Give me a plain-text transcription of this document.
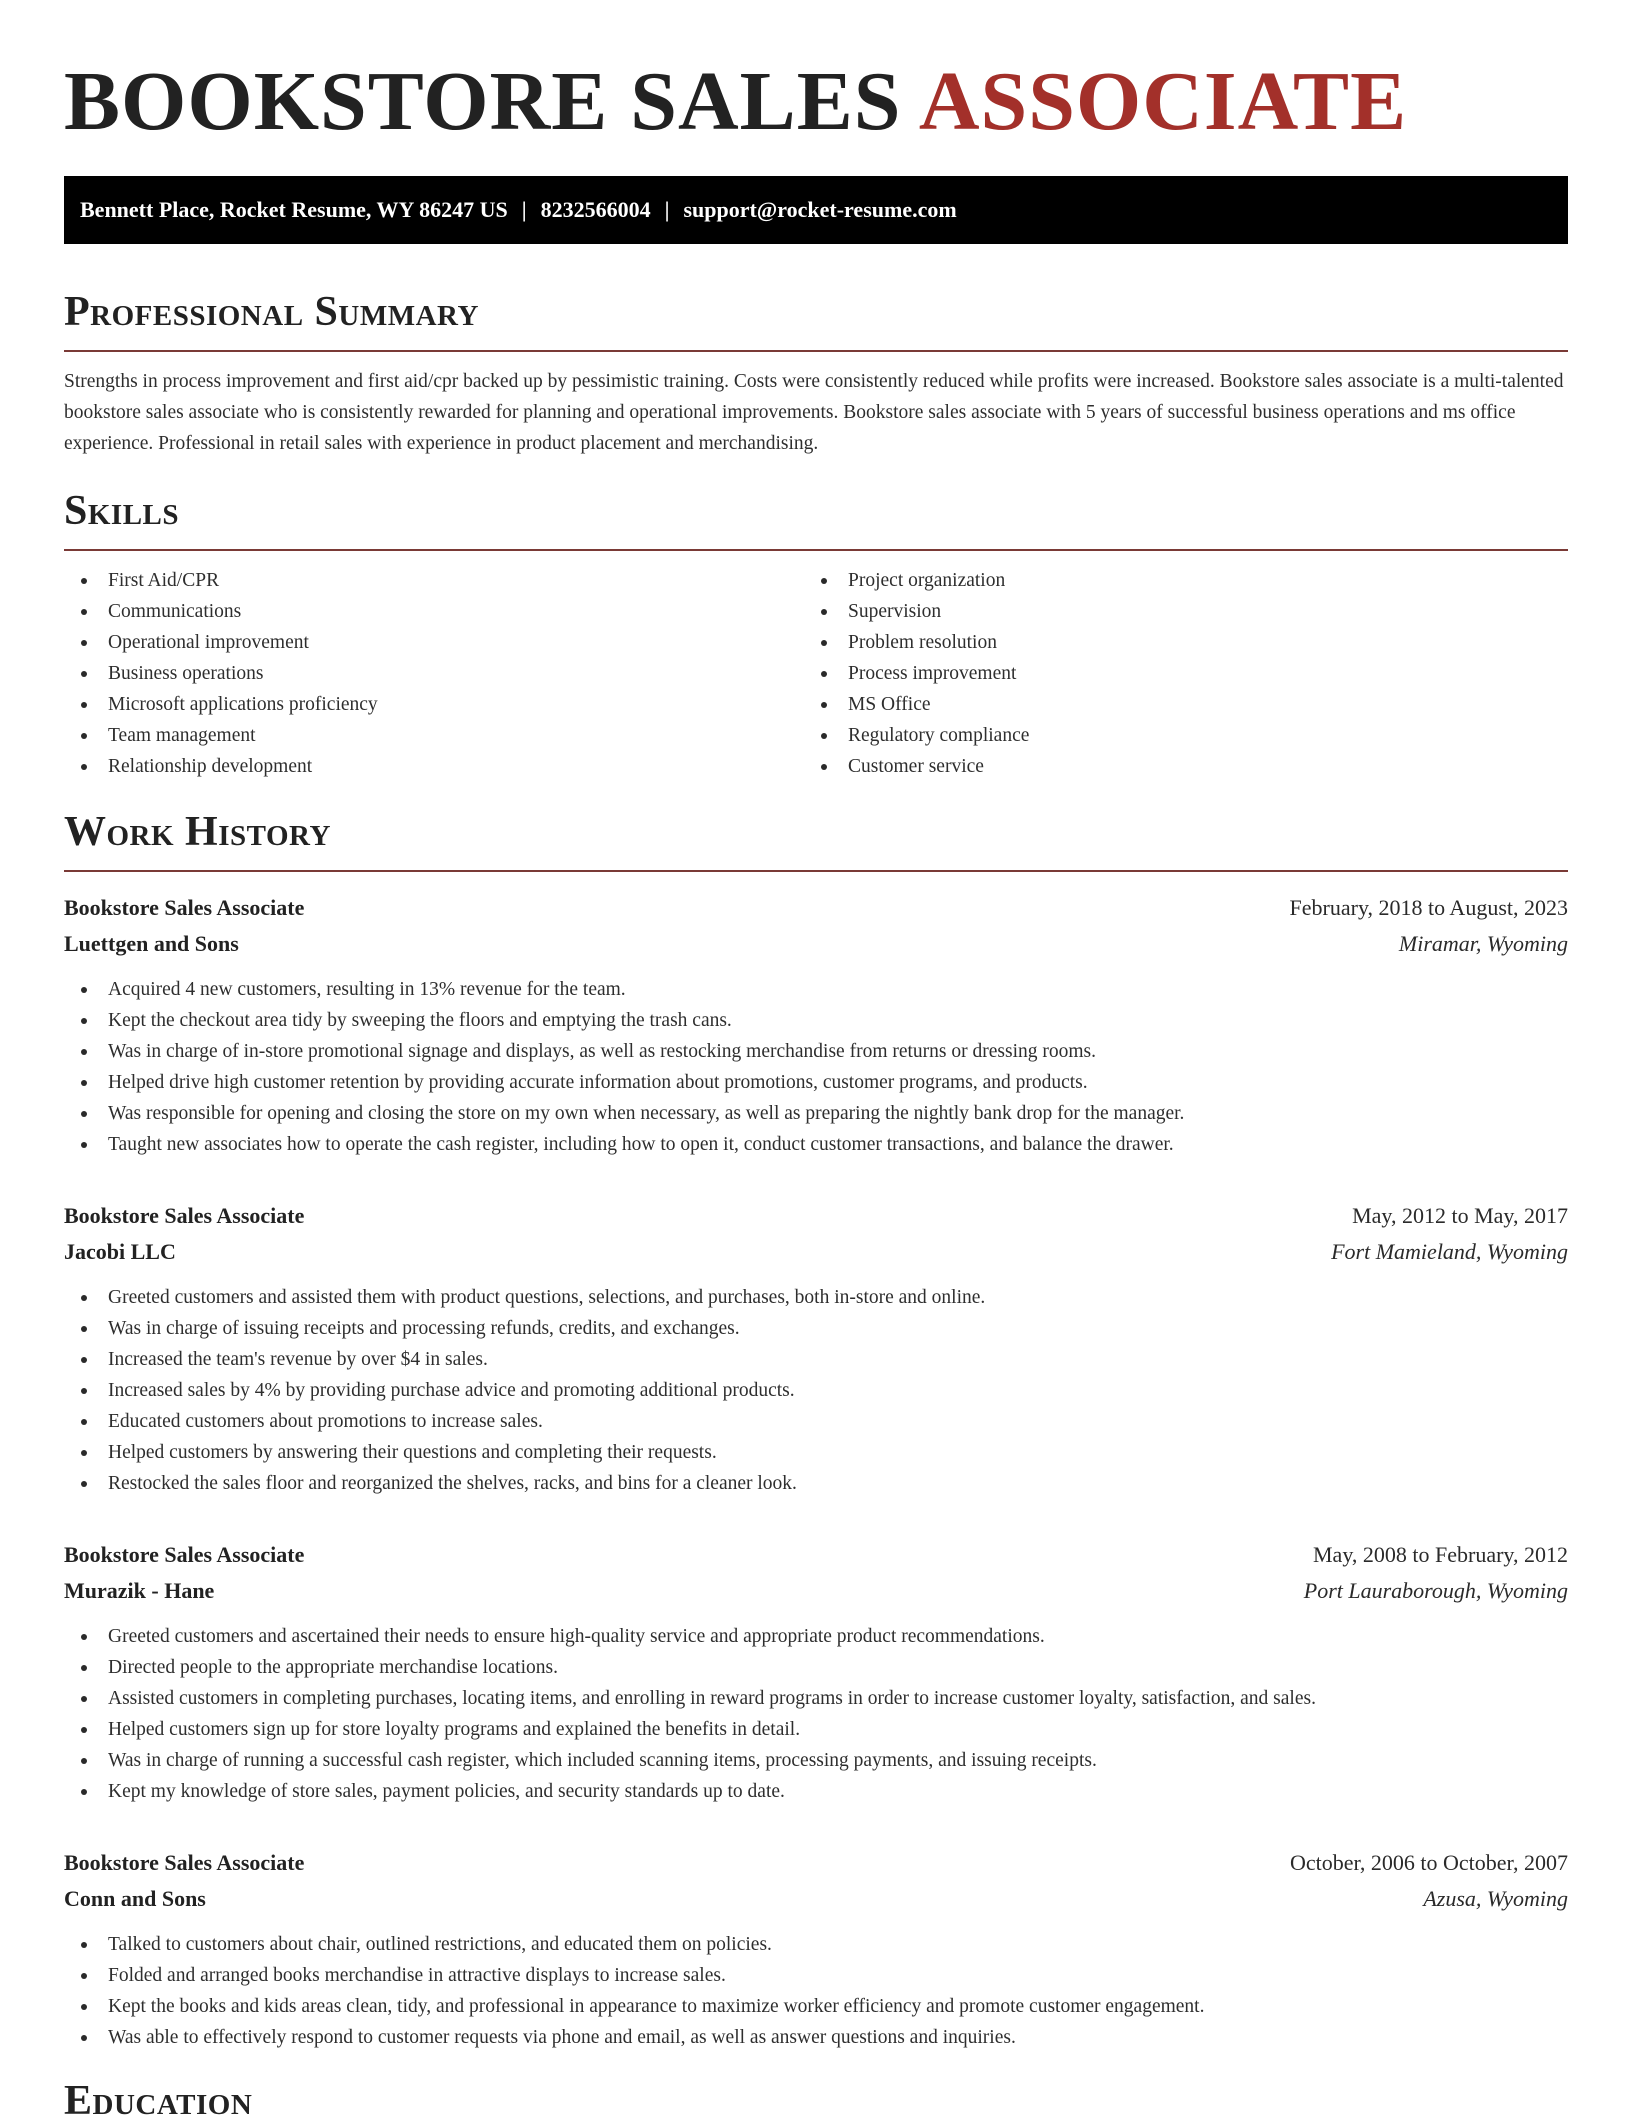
BOOKSTORE SALES ASSOCIATE
Bennett Place, Rocket Resume, WY 86247 US | 8232566004 | support@rocket-resume.com
Professional Summary

Strengths in process improvement and first aid/cpr backed up by pessimistic training. Costs were consistently reduced while profits were increased. Bookstore sales associate is a multi-talented bookstore sales associate who is consistently rewarded for planning and operational improvements. Bookstore sales associate with 5 years of successful business operations and ms office experience. Professional in retail sales with experience in product placement and merchandising.

Skills
First Aid/CPR
Communications
Operational improvement
Business operations
Microsoft applications proficiency
Team management
Relationship development
Project organization
Supervision
Problem resolution
Process improvement
MS Office
Regulatory compliance
Customer service
Work History
Bookstore Sales Associate	February, 2018 to August, 2023
Luettgen and Sons	Miramar, Wyoming
Acquired 4 new customers, resulting in 13% revenue for the team.
Kept the checkout area tidy by sweeping the floors and emptying the trash cans.
Was in charge of in-store promotional signage and displays, as well as restocking merchandise from returns or dressing rooms.
Helped drive high customer retention by providing accurate information about promotions, customer programs, and products.
Was responsible for opening and closing the store on my own when necessary, as well as preparing the nightly bank drop for the manager.
Taught new associates how to operate the cash register, including how to open it, conduct customer transactions, and balance the drawer.
Bookstore Sales Associate	May, 2012 to May, 2017
Jacobi LLC	Fort Mamieland, Wyoming
Greeted customers and assisted them with product questions, selections, and purchases, both in-store and online.
Was in charge of issuing receipts and processing refunds, credits, and exchanges.
Increased the team's revenue by over $4 in sales.
Increased sales by 4% by providing purchase advice and promoting additional products.
Educated customers about promotions to increase sales.
Helped customers by answering their questions and completing their requests.
Restocked the sales floor and reorganized the shelves, racks, and bins for a cleaner look.
Bookstore Sales Associate	May, 2008 to February, 2012
Murazik - Hane	Port Lauraborough, Wyoming
Greeted customers and ascertained their needs to ensure high-quality service and appropriate product recommendations.
Directed people to the appropriate merchandise locations.
Assisted customers in completing purchases, locating items, and enrolling in reward programs in order to increase customer loyalty, satisfaction, and sales.
Helped customers sign up for store loyalty programs and explained the benefits in detail.
Was in charge of running a successful cash register, which included scanning items, processing payments, and issuing receipts.
Kept my knowledge of store sales, payment policies, and security standards up to date.
Bookstore Sales Associate	October, 2006 to October, 2007
Conn and Sons	Azusa, Wyoming
Talked to customers about chair, outlined restrictions, and educated them on policies.
Folded and arranged books merchandise in attractive displays to increase sales.
Kept the books and kids areas clean, tidy, and professional in appearance to maximize worker efficiency and promote customer engagement.
Was able to effectively respond to customer requests via phone and email, as well as answer questions and inquiries.
Education
